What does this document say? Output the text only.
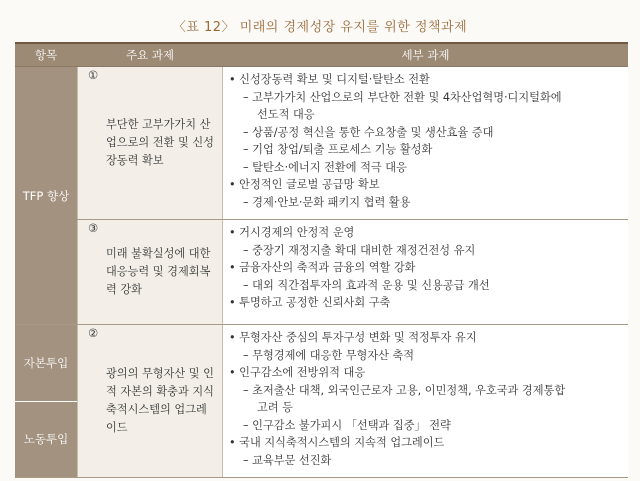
〈표 12〉 미래의 경제성장 유지를 위한 정책과제
항목	주요 과제	세부 과제
TFP 향상
①
부단한 고부가가치 산업으로의 전환 및 신성장동력 확보
• 신성장동력 확보 및 디지털·탈탄소 전환
– 고부가가치 산업으로의 부단한 전환 및 4차산업혁명·디지털화에
선도적 대응
– 상품/공정 혁신을 통한 수요창출 및 생산효율 증대
– 기업 창업/퇴출 프로세스 기능 활성화
– 탈탄소·에너지 전환에 적극 대응
• 안정적인 글로벌 공급망 확보
– 경제·안보·문화 패키지 협력 활용
③
미래 불확실성에 대한 대응능력 및 경제회복력 강화
• 거시경제의 안정적 운영
– 중장기 재정지출 확대 대비한 재정건전성 유지
• 금융자산의 축적과 금융의 역할 강화
– 대외 직간접투자의 효과적 운용 및 신용공급 개선
• 투명하고 공정한 신뢰사회 구축
자본투입
노동투입
②
광의의 무형자산 및 인적 자본의 확충과 지식축적시스템의 업그레이드
• 무형자산 중심의 투자구성 변화 및 적정투자 유지
– 무형경제에 대응한 무형자산 축적
• 인구감소에 전방위적 대응
– 초저출산 대책, 외국인근로자 고용, 이민정책, 우호국과 경제통합
고려 등
– 인구감소 불가피시 「선택과 집중」 전략
• 국내 지식축적시스템의 지속적 업그레이드
– 교육부문 선진화
